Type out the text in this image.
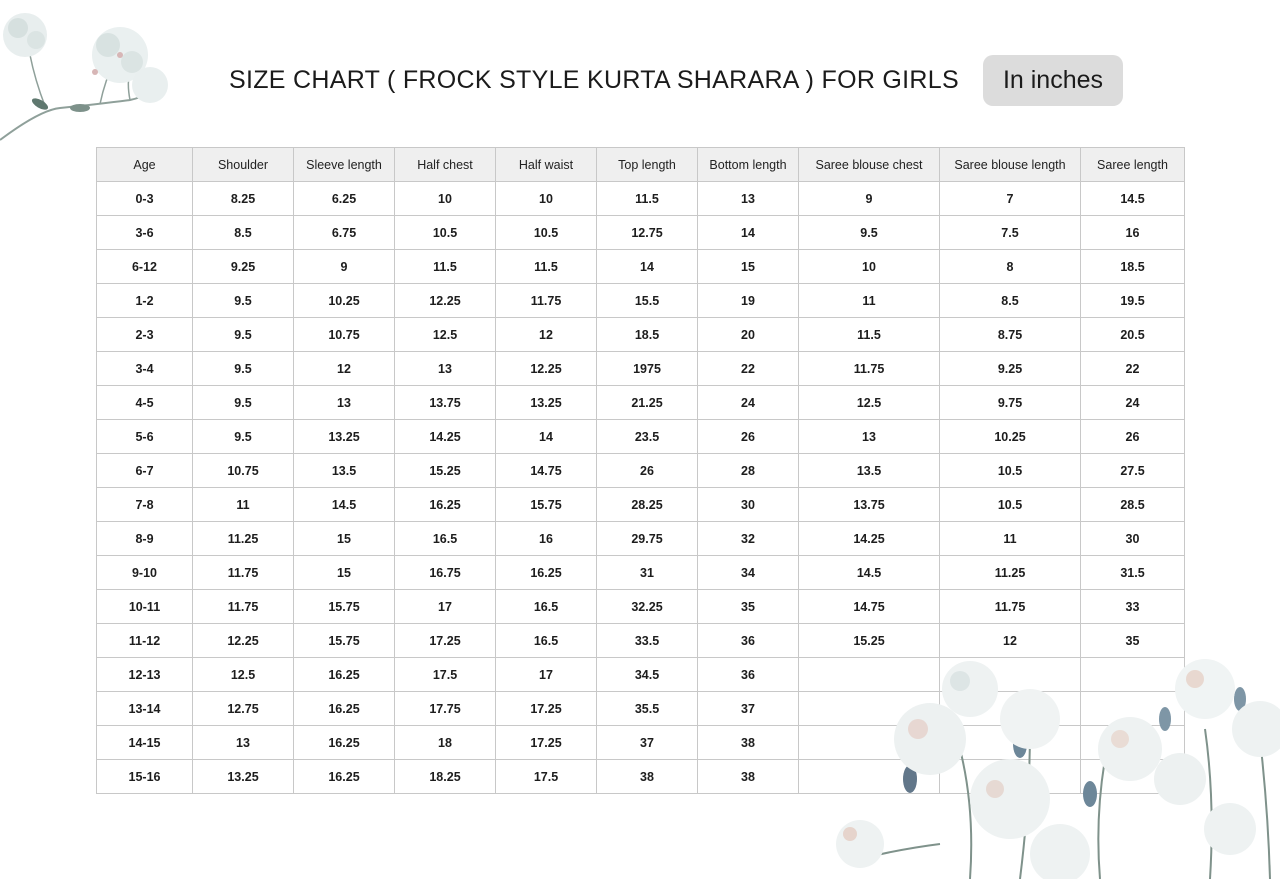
SIZE CHART ( FROCK STYLE KURTA SHARARA ) FOR GIRLS	In inches
Age	Shoulder	Sleeve length	Half chest	Half waist	Top length	Bottom length	Saree blouse chest	Saree blouse length	Saree length
0-3	8.25	6.25	10	10	11.5	13	9	7	14.5
3-6	8.5	6.75	10.5	10.5	12.75	14	9.5	7.5	16
6-12	9.25	9	11.5	11.5	14	15	10	8	18.5
1-2	9.5	10.25	12.25	11.75	15.5	19	11	8.5	19.5
2-3	9.5	10.75	12.5	12	18.5	20	11.5	8.75	20.5
3-4	9.5	12	13	12.25	1975	22	11.75	9.25	22
4-5	9.5	13	13.75	13.25	21.25	24	12.5	9.75	24
5-6	9.5	13.25	14.25	14	23.5	26	13	10.25	26
6-7	10.75	13.5	15.25	14.75	26	28	13.5	10.5	27.5
7-8	11	14.5	16.25	15.75	28.25	30	13.75	10.5	28.5
8-9	11.25	15	16.5	16	29.75	32	14.25	11	30
9-10	11.75	15	16.75	16.25	31	34	14.5	11.25	31.5
10-11	11.75	15.75	17	16.5	32.25	35	14.75	11.75	33
11-12	12.25	15.75	17.25	16.5	33.5	36	15.25	12	35
12-13	12.5	16.25	17.5	17	34.5	36			
13-14	12.75	16.25	17.75	17.25	35.5	37			
14-15	13	16.25	18	17.25	37	38			
15-16	13.25	16.25	18.25	17.5	38	38			
